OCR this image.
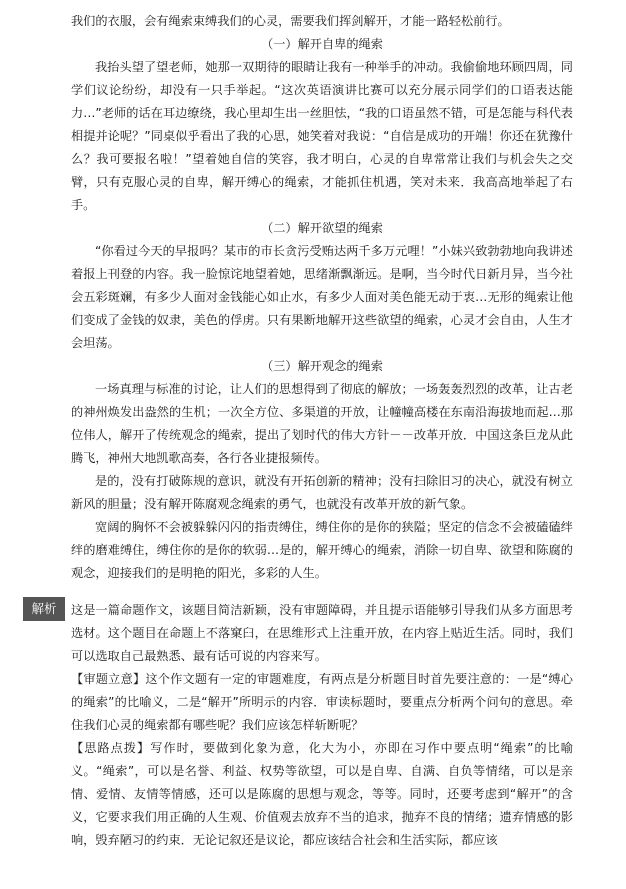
我们的衣服，会有绳索束缚我们的心灵，需要我们挥剑解开，才能一路轻松前行。

（一）解开自卑的绳索

我抬头望了望老师，她那一双期待的眼睛让我有一种举手的冲动。我偷偷地环顾四周，同学们议论纷纷，却没有一只手举起。“这次英语演讲比赛可以充分展示同学们的口语表达能力…”老师的话在耳边缭绕，我心里却生出一丝胆怯，“我的口语虽然不错，可是怎能与科代表相提并论呢？”同桌似乎看出了我的心思，她笑着对我说：“自信是成功的开端！你还在犹豫什么？我可要报名啦！”望着她自信的笑容，我才明白，心灵的自卑常常让我们与机会失之交臂，只有克服心灵的自卑，解开缚心的绳索，才能抓住机遇，笑对未来．我高高地举起了右手。

（二）解开欲望的绳索

“你看过今天的早报吗？某市的市长贪污受贿达两千多万元哩！”小妹兴致勃勃地向我讲述着报上刊登的内容。我一脸惊诧地望着她，思绪渐飘渐远。是啊，当今时代日新月异，当今社会五彩斑斓，有多少人面对金钱能心如止水，有多少人面对美色能无动于衷…无形的绳索让他们变成了金钱的奴隶，美色的俘虏。只有果断地解开这些欲望的绳索，心灵才会自由，人生才会坦荡。

（三）解开观念的绳索

一场真理与标准的讨论，让人们的思想得到了彻底的解放；一场轰轰烈烈的改革，让古老的神州焕发出盎然的生机；一次全方位、多渠道的开放，让幢幢高楼在东南沿海拔地而起…那位伟人，解开了传统观念的绳索，提出了划时代的伟大方针－－改革开放．中国这条巨龙从此腾飞，神州大地凯歌高奏，各行各业捷报频传。

是的，没有打破陈规的意识，就没有开拓创新的精神；没有扫除旧习的决心，就没有树立新风的胆量；没有解开陈腐观念绳索的勇气，也就没有改革开放的新气象。

宽阔的胸怀不会被躲躲闪闪的指责缚住，缚住你的是你的狭隘；坚定的信念不会被磕磕绊绊的磨难缚住，缚住你的是你的软弱…是的，解开缚心的绳索，消除一切自卑、欲望和陈腐的观念，迎接我们的是明艳的阳光，多彩的人生。

解析	这是一篇命题作文，该题目简洁新颖，没有审题障碍，并且提示语能够引导我们从多方面思考选材。这个题目在命题上不落窠臼，在思维形式上注重开放，在内容上贴近生活。同时，我们可以选取自己最熟悉、最有话可说的内容来写。

【审题立意】这个作文题有一定的审题难度，有两点是分析题目时首先要注意的：一是“缚心的绳索”的比喻义，二是“解开”所明示的内容．审读标题时，要重点分析两个问句的意思。牵住我们心灵的绳索都有哪些呢？我们应该怎样斩断呢？

【思路点拨】写作时，要做到化象为意，化大为小，亦即在习作中要点明“绳索”的比喻义。“绳索”，可以是名誉、利益、权势等欲望，可以是自卑、自满、自负等情绪，可以是亲情、爱情、友情等情感，还可以是陈腐的思想与观念，等等。同时，还要考虑到“解开”的含义，它要求我们用正确的人生观、价值观去放弃不当的追求，抛弃不良的情绪；遗弃情感的影响，毁弃陋习的约束．无论记叙还是议论，都应该结合社会和生活实际，都应该
